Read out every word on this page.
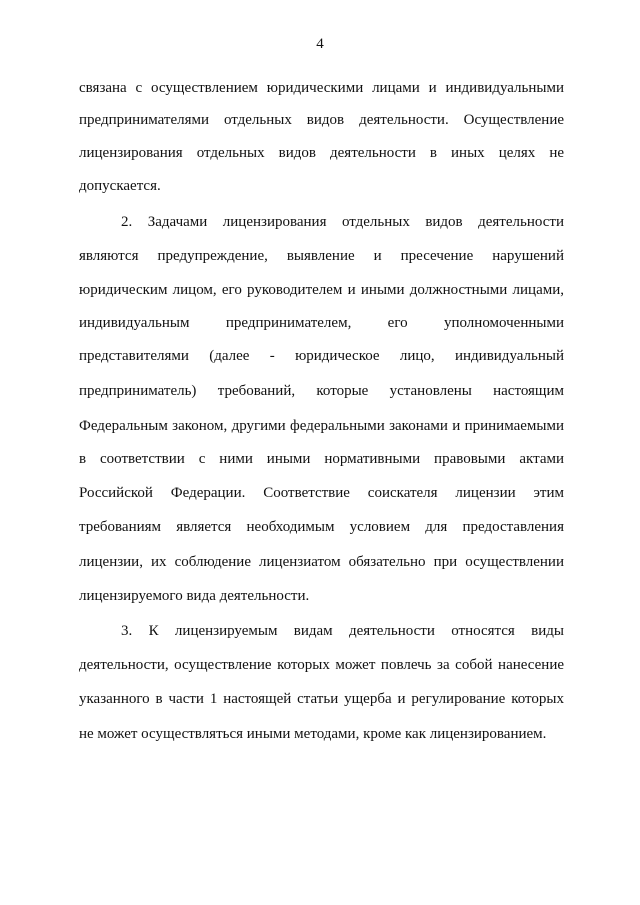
4
связана с осуществлением юридическими лицами и индивидуальными
предпринимателями отдельных видов деятельности. Осуществление
лицензирования отдельных видов деятельности в иных целях не
допускается.
2. Задачами лицензирования отдельных видов деятельности
являются предупреждение, выявление и пресечение нарушений
юридическим лицом, его руководителем и иными должностными лицами,
индивидуальным предпринимателем, его уполномоченными
представителями (далее - юридическое лицо, индивидуальный
предприниматель) требований, которые установлены настоящим
Федеральным законом, другими федеральными законами и принимаемыми
в соответствии с ними иными нормативными правовыми актами
Российской Федерации. Соответствие соискателя лицензии этим
требованиям является необходимым условием для предоставления
лицензии, их соблюдение лицензиатом обязательно при осуществлении
лицензируемого вида деятельности.
3. К лицензируемым видам деятельности относятся виды
деятельности, осуществление которых может повлечь за собой нанесение
указанного в части 1 настоящей статьи ущерба и регулирование которых
не может осуществляться иными методами, кроме как лицензированием.
